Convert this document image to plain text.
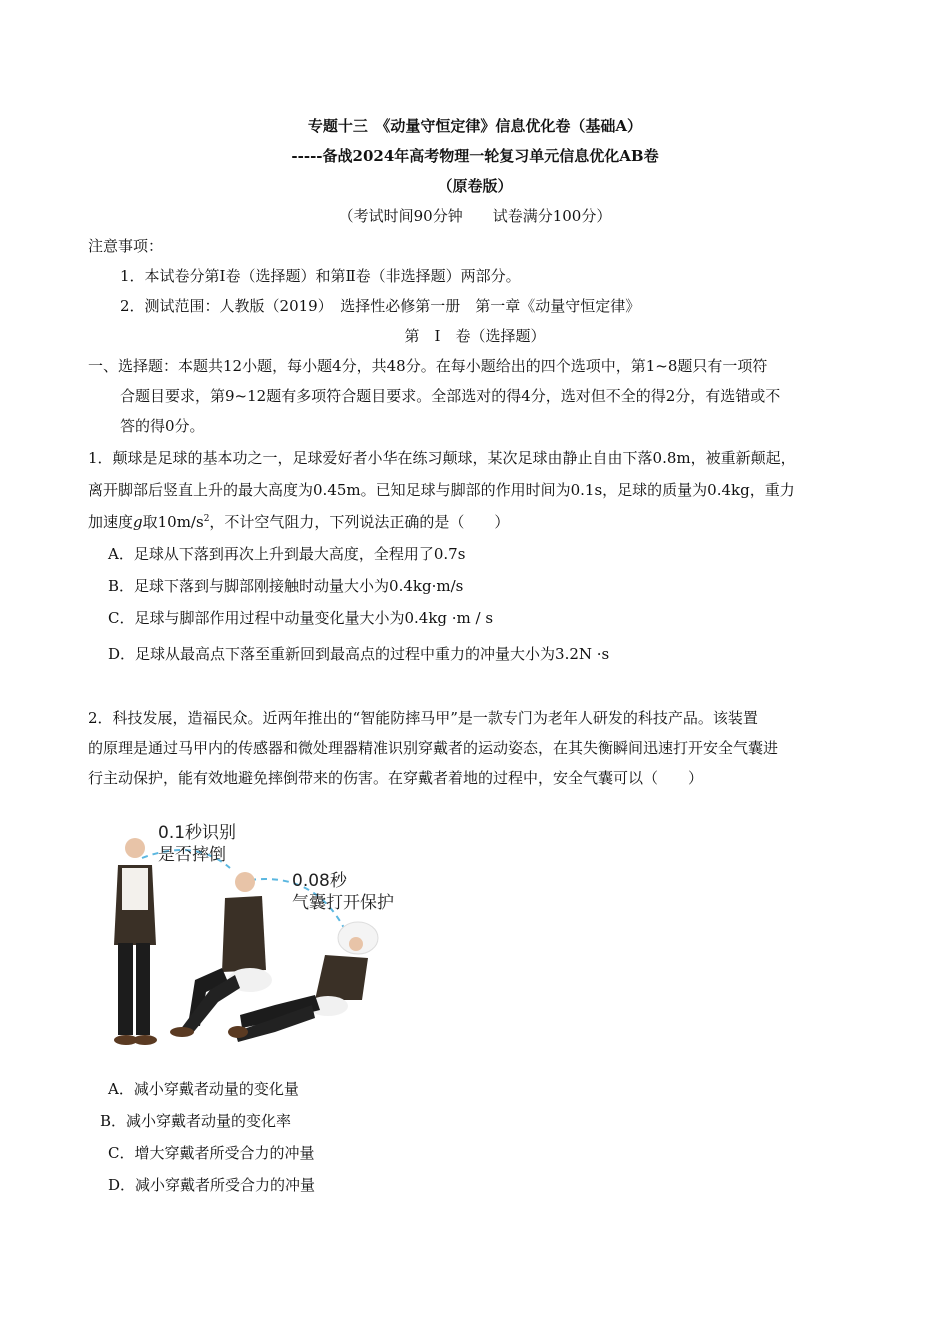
专题十三　《动量守恒定律》信息优化卷（基础A）
-----备战2024年高考物理一轮复习单元信息优化AB卷
（原卷版）
（考试时间90分钟　　试卷满分100分）
注意事项：
1．本试卷分第Ⅰ卷（选择题）和第Ⅱ卷（非选择题）两部分。
2．测试范围：人教版（2019）　选择性必修第一册　第一章《动量守恒定律》
第　Ⅰ　卷（选择题）
一、选择题：本题共12小题，每小题4分，共48分。在每小题给出的四个选项中，第1~8题只有一项符
合题目要求，第9~12题有多项符合题目要求。全部选对的得4分，选对但不全的得2分，有选错或不
答的得0分。
1．颠球是足球的基本功之一，足球爱好者小华在练习颠球，某次足球由静止自由下落0.8m，被重新颠起，
离开脚部后竖直上升的最大高度为0.45m。已知足球与脚部的作用时间为0.1s，足球的质量为0.4kg，重力
加速度g取$10m/s^2$，不计空气阻力，下列说法正确的是（　　）
A．足球从下落到再次上升到最大高度，全程用了0.7s
B．足球下落到与脚部刚接触时动量大小为0.4kg·m/s
C．足球与脚部作用过程中动量变化量大小为0.4kg ·m / s
D．足球从最高点下落至重新回到最高点的过程中重力的冲量大小为3.2N ·s
2．科技发展，造福民众。近两年推出的“智能防摔马甲”是一款专门为老年人研发的科技产品。该装置
的原理是通过马甲内的传感器和微处理器精准识别穿戴者的运动姿态，在其失衡瞬间迅速打开安全气囊进
行主动保护，能有效地避免摔倒带来的伤害。在穿戴者着地的过程中，安全气囊可以（　　）
0.1秒识别
是否摔倒
0.08秒
气囊打开保护
A．减小穿戴者动量的变化量
B．减小穿戴者动量的变化率
C．增大穿戴者所受合力的冲量
D．减小穿戴者所受合力的冲量
